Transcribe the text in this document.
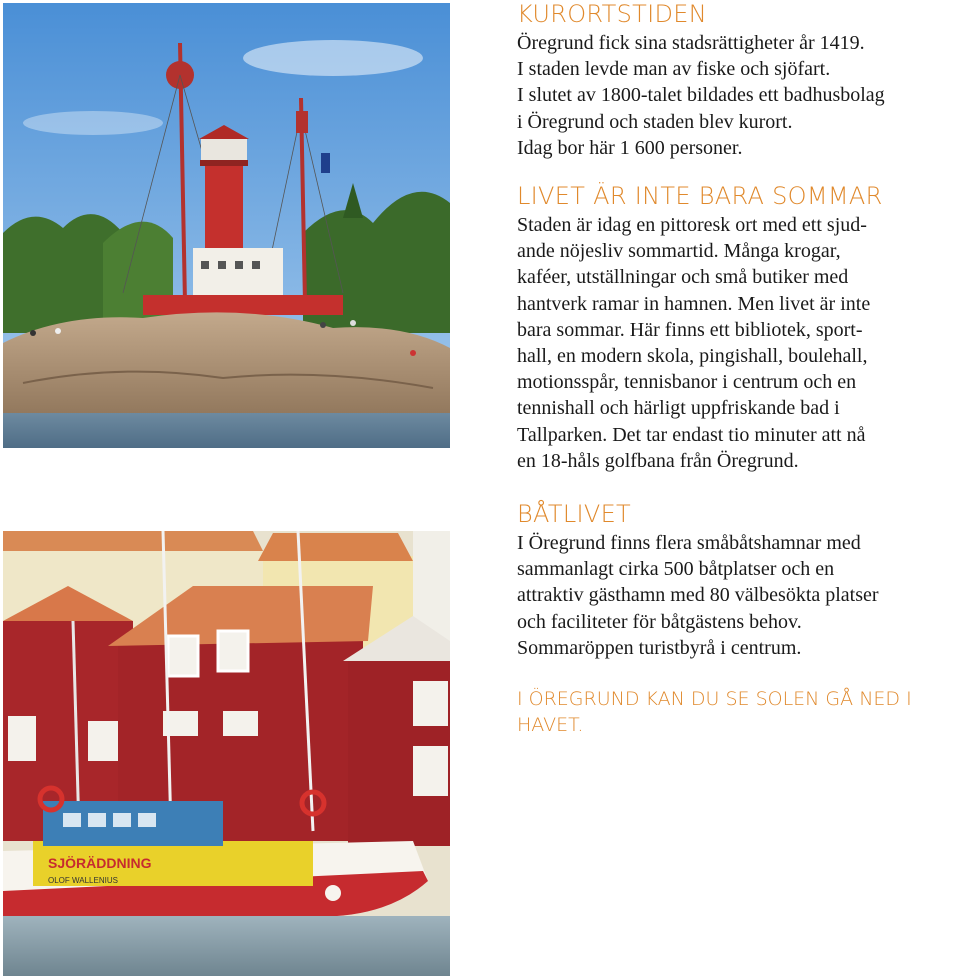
SJÖRÄDDNING
OLOF WALLENIUS
KURORTSTIDEN

Öregrund fick sina stadsrättigheter år 1419.
I staden levde man av fiske och sjöfart.
I slutet av 1800-talet bildades ett badhusbolag
i Öregrund och staden blev kurort.
Idag bor här 1 600 personer.

LIVET ÄR INTE BARA SOMMAR

Staden är idag en pittoresk ort med ett sjud-
ande nöjesliv sommartid. Många krogar,
kaféer, utställningar och små butiker med
hantverk ramar in hamnen. Men livet är inte
bara sommar. Här finns ett bibliotek, sport-
hall, en modern skola, pingishall, boulehall,
motionsspår, tennisbanor i centrum och en
tennishall och härligt uppfriskande bad i
Tallparken. Det tar endast tio minuter att nå
en 18-håls golfbana från Öregrund.

BÅTLIVET

I Öregrund finns flera småbåtshamnar med
sammanlagt cirka 500 båtplatser och en
attraktiv gästhamn med 80 välbesökta platser
och faciliteter för båtgästens behov.
Sommaröppen turistbyrå i centrum.

I ÖREGRUND KAN DU SE SOLEN GÅ NED I
HAVET.
